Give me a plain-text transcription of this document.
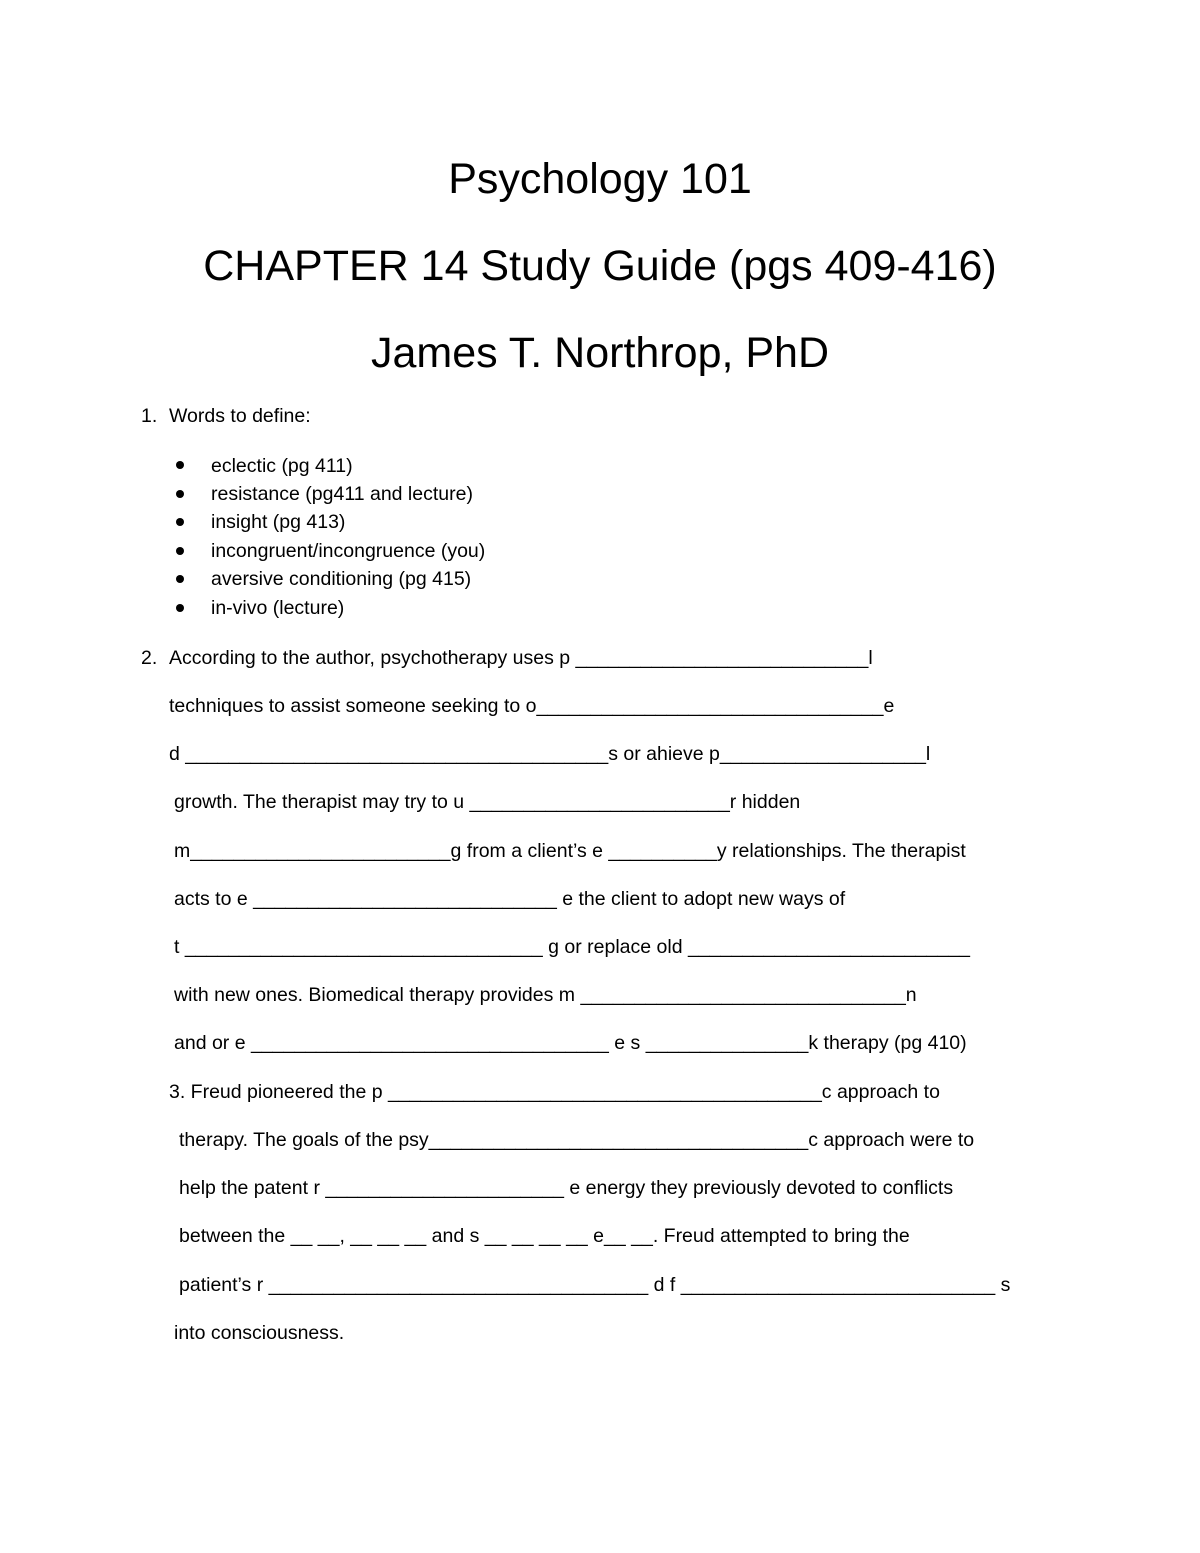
Psychology 101
CHAPTER 14 Study Guide (pgs 409-416)
James T. Northrop, PhD
1. Words to define:
eclectic (pg 411)
resistance (pg411 and lecture)
insight (pg 413)
incongruent/incongruence (you)
aversive conditioning (pg 415)
in-vivo (lecture)
2. According to the author, psychotherapy uses p ___________________________l
techniques to assist someone seeking to o________________________________e
d _______________________________________s or ahieve p___________________l
growth. The therapist may try to u ________________________r hidden
m________________________g from a client’s e __________y relationships. The therapist
acts to e ____________________________ e the client to adopt new ways of
t _________________________________ g or replace old __________________________
with new ones. Biomedical therapy provides m ______________________________n
and or e _________________________________ e s _______________k therapy (pg 410)
3. Freud pioneered the p ________________________________________c approach to
therapy. The goals of the psy___________________________________c approach were to
help the patent r ______________________ e energy they previously devoted to conflicts
between the __ __, __ __ __ and s __ __ __ __ e__ __. Freud attempted to bring the
patient’s r ___________________________________ d f _____________________________ s
into consciousness.
